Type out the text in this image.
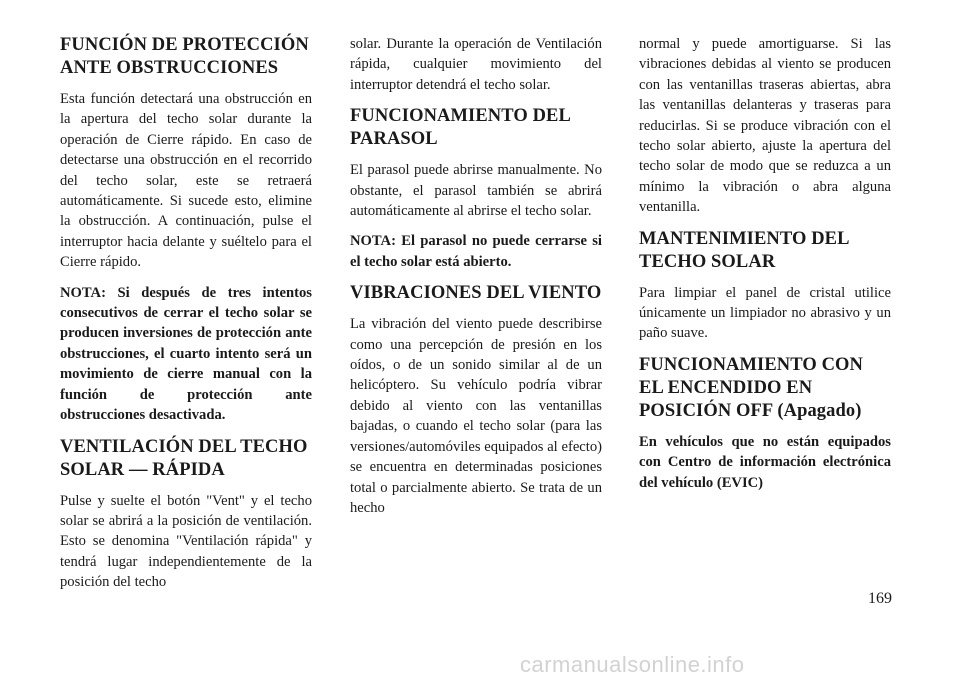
FUNCIÓN DE PROTECCIÓN ANTE OBSTRUCCIONES

Esta función detectará una obstrucción en la apertura del techo solar durante la operación de Cierre rápido. En caso de detectarse una obstrucción en el recorrido del techo solar, este se retraerá automáticamente. Si sucede esto, elimine la obstrucción. A continuación, pulse el interruptor hacia delante y suéltelo para el Cierre rápido.

NOTA: Si después de tres intentos consecutivos de cerrar el techo solar se producen inversiones de protección ante obstrucciones, el cuarto intento será un movimiento de cierre manual con la función de protección ante obstrucciones desactivada.

VENTILACIÓN DEL TECHO SOLAR — RÁPIDA

Pulse y suelte el botón "Vent" y el techo solar se abrirá a la posición de ventilación. Esto se denomina "Ventilación rápida" y tendrá lugar independientemente de la posición del techo

solar. Durante la operación de Ventilación rápida, cualquier movimiento del interruptor detendrá el techo solar.

FUNCIONAMIENTO DEL PARASOL

El parasol puede abrirse manualmente. No obstante, el parasol también se abrirá automáticamente al abrirse el techo solar.

NOTA: El parasol no puede cerrarse si el techo solar está abierto.

VIBRACIONES DEL VIENTO

La vibración del viento puede describirse como una percepción de presión en los oídos, o de un sonido similar al de un helicóptero. Su vehículo podría vibrar debido al viento con las ventanillas bajadas, o cuando el techo solar (para las versiones/automóviles equipados al efecto) se encuentra en determinadas posiciones total o parcialmente abierto. Se trata de un hecho

normal y puede amortiguarse. Si las vibraciones debidas al viento se producen con las ventanillas traseras abiertas, abra las ventanillas delanteras y traseras para reducirlas. Si se produce vibración con el techo solar abierto, ajuste la apertura del techo solar de modo que se reduzca a un mínimo la vibración o abra alguna ventanilla.

MANTENIMIENTO DEL TECHO SOLAR

Para limpiar el panel de cristal utilice únicamente un limpiador no abrasivo y un paño suave.

FUNCIONAMIENTO CON EL ENCENDIDO EN POSICIÓN OFF (Apagado)

En vehículos que no están equipados con Centro de información electrónica del vehículo (EVIC)

169
carmanualsonline.info
